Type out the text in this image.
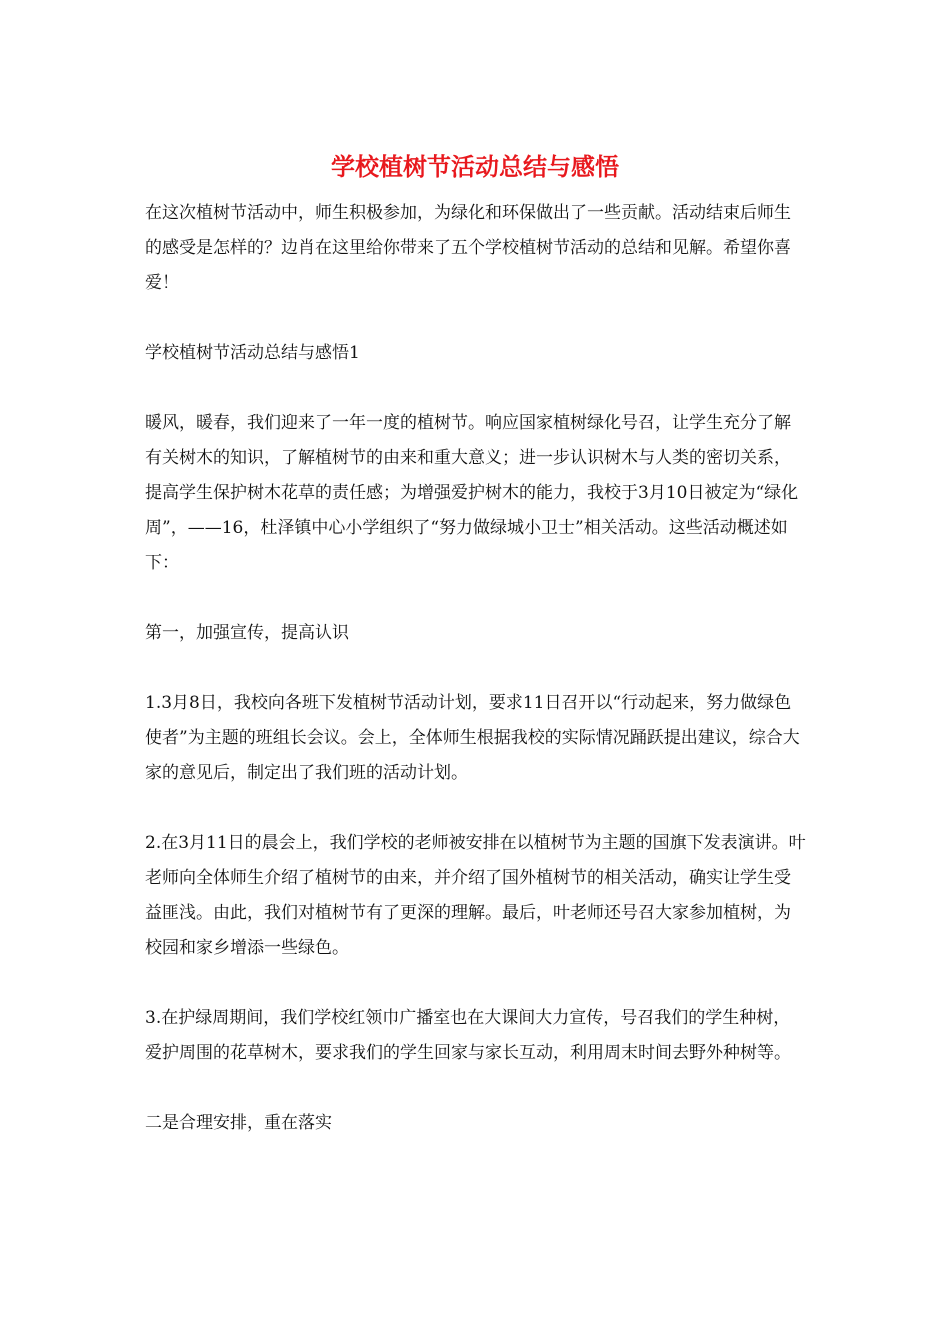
学校植树节活动总结与感悟

在这次植树节活动中，师生积极参加，为绿化和环保做出了一些贡献。活动结束后师生的感受是怎样的？边肖在这里给你带来了五个学校植树节活动的总结和见解。希望你喜爱！

学校植树节活动总结与感悟1

暖风，暖春，我们迎来了一年一度的植树节。响应国家植树绿化号召，让学生充分了解有关树木的知识，了解植树节的由来和重大意义；进一步认识树木与人类的密切关系，提高学生保护树木花草的责任感；为增强爱护树木的能力，我校于3月10日被定为“绿化周”，——16，杜泽镇中心小学组织了“努力做绿城小卫士”相关活动。这些活动概述如下：

第一，加强宣传，提高认识

1.3月8日，我校向各班下发植树节活动计划，要求11日召开以“行动起来，努力做绿色使者”为主题的班组长会议。会上，全体师生根据我校的实际情况踊跃提出建议，综合大家的意见后，制定出了我们班的活动计划。

2.在3月11日的晨会上，我们学校的老师被安排在以植树节为主题的国旗下发表演讲。叶老师向全体师生介绍了植树节的由来，并介绍了国外植树节的相关活动，确实让学生受益匪浅。由此，我们对植树节有了更深的理解。最后，叶老师还号召大家参加植树，为校园和家乡增添一些绿色。

3.在护绿周期间，我们学校红领巾广播室也在大课间大力宣传，号召我们的学生种树，爱护周围的花草树木，要求我们的学生回家与家长互动，利用周末时间去野外种树等。

二是合理安排，重在落实
